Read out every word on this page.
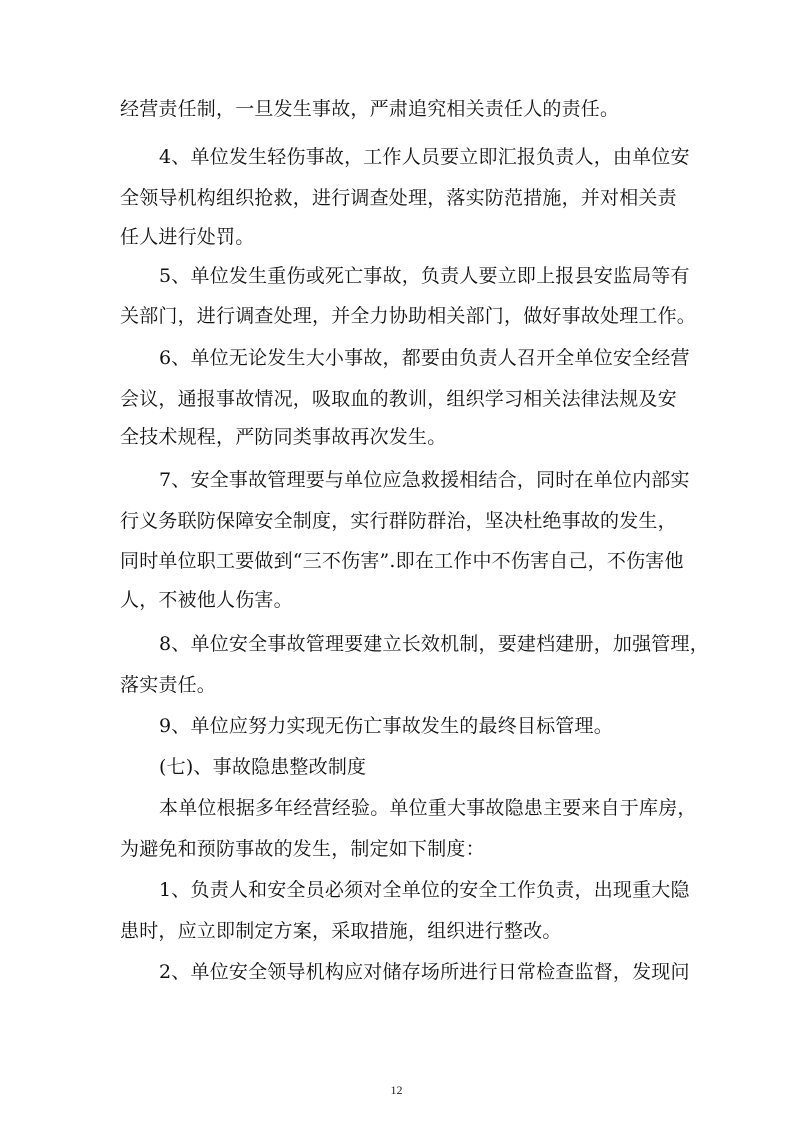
经营责任制，一旦发生事故，严肃追究相关责任人的责任。
4、单位发生轻伤事故，工作人员要立即汇报负责人，由单位安
全领导机构组织抢救，进行调查处理，落实防范措施，并对相关责
任人进行处罚。
5、单位发生重伤或死亡事故，负责人要立即上报县安监局等有
关部门，进行调查处理，并全力协助相关部门，做好事故处理工作。
6、单位无论发生大小事故，都要由负责人召开全单位安全经营
会议，通报事故情况，吸取血的教训，组织学习相关法律法规及安
全技术规程，严防同类事故再次发生。
7、安全事故管理要与单位应急救援相结合，同时在单位内部实
行义务联防保障安全制度，实行群防群治，坚决杜绝事故的发生，
同时单位职工要做到“三不伤害”.即在工作中不伤害自己，不伤害他
人，不被他人伤害。
8、单位安全事故管理要建立长效机制，要建档建册，加强管理，
落实责任。
9、单位应努力实现无伤亡事故发生的最终目标管理。
(七)、事故隐患整改制度
本单位根据多年经营经验。单位重大事故隐患主要来自于库房，
为避免和预防事故的发生，制定如下制度：
1、负责人和安全员必须对全单位的安全工作负责，出现重大隐
患时，应立即制定方案，采取措施，组织进行整改。
2、单位安全领导机构应对储存场所进行日常检查监督，发现问
12
